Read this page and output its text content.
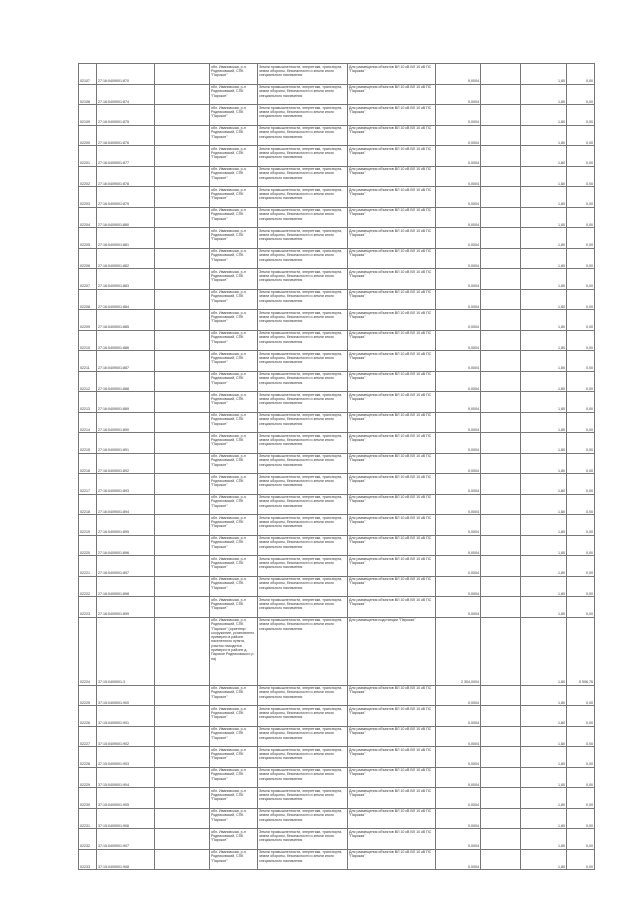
02107	27:16:0409001:870		обл. Ивановская, р-н Родниковский, СПК "Парское"	Земли промышленности, энергетики, транспорта, земли обороны, безопасности и земли иного специального назначения	Для размещения объектов ВЛ 10 кВ ВЛ 10 кВ ПС "Парская"	0,0004		1,80	0,00
02108	27:16:0409001:874		обл. Ивановская, р-н Родниковский, СПК "Парское"	Земли промышленности, энергетики, транспорта, земли обороны, безопасности и земли иного специального назначения	Для размещения объектов ВЛ 10 кВ ВЛ 10 кВ ПС "Парская"	0,0004		1,80	0,00
02109	27:16:0409001:875		обл. Ивановская, р-н Родниковский, СПК "Парское"	Земли промышленности, энергетики, транспорта, земли обороны, безопасности и земли иного специального назначения	Для размещения объектов ВЛ 10 кВ ВЛ 10 кВ ПС "Парская"	0,0004		1,80	0,00
02200	27:16:0409001:876		обл. Ивановская, р-н Родниковский, СПК "Парское"	Земли промышленности, энергетики, транспорта, земли обороны, безопасности и земли иного специального назначения	Для размещения объектов ВЛ 10 кВ ВЛ 10 кВ ПС "Парская"	0,0004		1,80	0,00
02201	27:16:0409001:877		обл. Ивановская, р-н Родниковский, СПК "Парское"	Земли промышленности, энергетики, транспорта, земли обороны, безопасности и земли иного специального назначения	Для размещения объектов ВЛ 10 кВ ВЛ 10 кВ ПС "Парская"	0,0004		1,80	0,00
02202	27:16:0409001:878		обл. Ивановская, р-н Родниковский, СПК "Парское"	Земли промышленности, энергетики, транспорта, земли обороны, безопасности и земли иного специального назначения	Для размещения объектов ВЛ 10 кВ ВЛ 10 кВ ПС "Парская"	0,0004		1,80	0,00
02203	27:16:0409001:879		обл. Ивановская, р-н Родниковский, СПК "Парское"	Земли промышленности, энергетики, транспорта, земли обороны, безопасности и земли иного специального назначения	Для размещения объектов ВЛ 10 кВ ВЛ 10 кВ ПС "Парская"	0,0004		1,80	0,00
02204	27:16:0409001:880		обл. Ивановская, р-н Родниковский, СПК "Парское"	Земли промышленности, энергетики, транспорта, земли обороны, безопасности и земли иного специального назначения	Для размещения объектов ВЛ 10 кВ ВЛ 10 кВ ПС "Парская"	0,0004		1,80	0,00
02205	27:16:0409001:881		обл. Ивановская, р-н Родниковский, СПК "Парское"	Земли промышленности, энергетики, транспорта, земли обороны, безопасности и земли иного специального назначения	Для размещения объектов ВЛ 10 кВ ВЛ 10 кВ ПС "Парская"	0,0004		1,80	0,00
02206	27:16:0409001:882		обл. Ивановская, р-н Родниковский, СПК "Парское"	Земли промышленности, энергетики, транспорта, земли обороны, безопасности и земли иного специального назначения	Для размещения объектов ВЛ 10 кВ ВЛ 10 кВ ПС "Парская"	0,0004		1,80	0,00
02207	27:16:0409001:883		обл. Ивановская, р-н Родниковский, СПК "Парское"	Земли промышленности, энергетики, транспорта, земли обороны, безопасности и земли иного специального назначения	Для размещения объектов ВЛ 10 кВ ВЛ 10 кВ ПС "Парская"	0,0004		1,80	0,00
02208	27:16:0409001:884		обл. Ивановская, р-н Родниковский, СПК "Парское"	Земли промышленности, энергетики, транспорта, земли обороны, безопасности и земли иного специального назначения	Для размещения объектов ВЛ 10 кВ ВЛ 10 кВ ПС "Парская"	0,0004		1,80	0,00
02209	27:16:0409001:885		обл. Ивановская, р-н Родниковский, СПК "Парское"	Земли промышленности, энергетики, транспорта, земли обороны, безопасности и земли иного специального назначения	Для размещения объектов ВЛ 10 кВ ВЛ 10 кВ ПС "Парская"	0,0004		1,80	0,00
02210	27:16:0409001:886		обл. Ивановская, р-н Родниковский, СПК "Парское"	Земли промышленности, энергетики, транспорта, земли обороны, безопасности и земли иного специального назначения	Для размещения объектов ВЛ 10 кВ ВЛ 10 кВ ПС "Парская"	0,0004		1,80	0,00
02211	27:16:0409001:887		обл. Ивановская, р-н Родниковский, СПК "Парское"	Земли промышленности, энергетики, транспорта, земли обороны, безопасности и земли иного специального назначения	Для размещения объектов ВЛ 10 кВ ВЛ 10 кВ ПС "Парская"	0,0004		1,80	0,00
02212	27:16:0409001:888		обл. Ивановская, р-н Родниковский, СПК "Парское"	Земли промышленности, энергетики, транспорта, земли обороны, безопасности и земли иного специального назначения	Для размещения объектов ВЛ 10 кВ ВЛ 10 кВ ПС "Парская"	0,0004		1,80	0,00
02213	27:16:0409001:889		обл. Ивановская, р-н Родниковский, СПК "Парское"	Земли промышленности, энергетики, транспорта, земли обороны, безопасности и земли иного специального назначения	Для размещения объектов ВЛ 10 кВ ВЛ 10 кВ ПС "Парская"	0,0004		1,80	0,00
02214	27:16:0409001:890		обл. Ивановская, р-н Родниковский, СПК "Парское"	Земли промышленности, энергетики, транспорта, земли обороны, безопасности и земли иного специального назначения	Для размещения объектов ВЛ 10 кВ ВЛ 10 кВ ПС "Парская"	0,0004		1,80	0,00
02215	27:16:0409001:891		обл. Ивановская, р-н Родниковский, СПК "Парское"	Земли промышленности, энергетики, транспорта, земли обороны, безопасности и земли иного специального назначения	Для размещения объектов ВЛ 10 кВ ВЛ 10 кВ ПС "Парская"	0,0004		1,80	0,00
02216	27:16:0409001:892		обл. Ивановская, р-н Родниковский, СПК "Парское"	Земли промышленности, энергетики, транспорта, земли обороны, безопасности и земли иного специального назначения	Для размещения объектов ВЛ 10 кВ ВЛ 10 кВ ПС "Парская"	0,0004		1,80	0,00
02217	27:16:0409001:893		обл. Ивановская, р-н Родниковский, СПК "Парское"	Земли промышленности, энергетики, транспорта, земли обороны, безопасности и земли иного специального назначения	Для размещения объектов ВЛ 10 кВ ВЛ 10 кВ ПС "Парская"	0,0004		1,80	0,00
02218	27:16:0409001:894		обл. Ивановская, р-н Родниковский, СПК "Парское"	Земли промышленности, энергетики, транспорта, земли обороны, безопасности и земли иного специального назначения	Для размещения объектов ВЛ 10 кВ ВЛ 10 кВ ПС "Парская"	0,0004		1,80	0,00
02219	27:16:0409001:895		обл. Ивановская, р-н Родниковский, СПК "Парское"	Земли промышленности, энергетики, транспорта, земли обороны, безопасности и земли иного специального назначения	Для размещения объектов ВЛ 10 кВ ВЛ 10 кВ ПС "Парская"	0,0004		1,80	0,00
02220	27:16:0409001:896		обл. Ивановская, р-н Родниковский, СПК "Парское"	Земли промышленности, энергетики, транспорта, земли обороны, безопасности и земли иного специального назначения	Для размещения объектов ВЛ 10 кВ ВЛ 10 кВ ПС "Парская"	0,0004		1,80	0,00
02221	27:16:0409001:897		обл. Ивановская, р-н Родниковский, СПК "Парское"	Земли промышленности, энергетики, транспорта, земли обороны, безопасности и земли иного специального назначения	Для размещения объектов ВЛ 10 кВ ВЛ 10 кВ ПС "Парская"	0,0004		1,80	0,00
02222	27:16:0409001:898		обл. Ивановская, р-н Родниковский, СПК "Парское"	Земли промышленности, энергетики, транспорта, земли обороны, безопасности и земли иного специального назначения	Для размещения объектов ВЛ 10 кВ ВЛ 10 кВ ПС "Парская"	0,0004		1,80	0,00
02223	27:16:0409001:899		обл. Ивановская, р-н Родниковский, СПК "Парское"	Земли промышленности, энергетики, транспорта, земли обороны, безопасности и земли иного специального назначения	Для размещения объектов ВЛ 10 кВ ВЛ 10 кВ ПС "Парская"	0,0004		1,80	0,00
02224	37:15:0409001:3		обл. Ивановская, р-н Родниковский, СПК "Парское" (ориентир: сооружение, установлено примерно в районе населенного пункта, участок находится примерно в районе д. Парское Родниковского р-на)	Земли промышленности, энергетики, транспорта, земли обороны, безопасности и земли иного специального назначения	Для размещения подстанции "Парская"	2 304,0004		1,80	5 506,76
02225	37:15:0409001:900		обл. Ивановская, р-н Родниковский, СПК "Парское"	Земли промышленности, энергетики, транспорта, земли обороны, безопасности и земли иного специального назначения	Для размещения объектов ВЛ 10 кВ ВЛ 10 кВ ПС "Парская"	0,0004		1,80	0,00
02226	37:15:0409001:901		обл. Ивановская, р-н Родниковский, СПК "Парское"	Земли промышленности, энергетики, транспорта, земли обороны, безопасности и земли иного специального назначения	Для размещения объектов ВЛ 10 кВ ВЛ 10 кВ ПС "Парская"	0,0004		1,80	0,00
02227	37:15:0409001:902		обл. Ивановская, р-н Родниковский, СПК "Парское"	Земли промышленности, энергетики, транспорта, земли обороны, безопасности и земли иного специального назначения	Для размещения объектов ВЛ 10 кВ ВЛ 10 кВ ПС "Парская"	0,0004		1,80	0,00
02228	37:15:0409001:903		обл. Ивановская, р-н Родниковский, СПК "Парское"	Земли промышленности, энергетики, транспорта, земли обороны, безопасности и земли иного специального назначения	Для размещения объектов ВЛ 10 кВ ВЛ 10 кВ ПС "Парская"	0,0004		1,80	0,00
02229	37:15:0409001:904		обл. Ивановская, р-н Родниковский, СПК "Парское"	Земли промышленности, энергетики, транспорта, земли обороны, безопасности и земли иного специального назначения	Для размещения объектов ВЛ 10 кВ ВЛ 10 кВ ПС "Парская"	0,0004		1,80	0,00
02230	37:15:0409001:905		обл. Ивановская, р-н Родниковский, СПК "Парское"	Земли промышленности, энергетики, транспорта, земли обороны, безопасности и земли иного специального назначения	Для размещения объектов ВЛ 10 кВ ВЛ 10 кВ ПС "Парская"	0,0004		1,80	0,00
02231	37:15:0409001:906		обл. Ивановская, р-н Родниковский, СПК "Парское"	Земли промышленности, энергетики, транспорта, земли обороны, безопасности и земли иного специального назначения	Для размещения объектов ВЛ 10 кВ ВЛ 10 кВ ПС "Парская"	0,0004		1,80	0,00
02232	37:15:0409001:907		обл. Ивановская, р-н Родниковский, СПК "Парское"	Земли промышленности, энергетики, транспорта, земли обороны, безопасности и земли иного специального назначения	Для размещения объектов ВЛ 10 кВ ВЛ 10 кВ ПС "Парская"	0,0004		1,80	0,00
02233	37:15:0409001:908		обл. Ивановская, р-н Родниковский, СПК "Парское"	Земли промышленности, энергетики, транспорта, земли обороны, безопасности и земли иного специального назначения	Для размещения объектов ВЛ 10 кВ ВЛ 10 кВ ПС "Парская"	0,0004		1,80	0,00
